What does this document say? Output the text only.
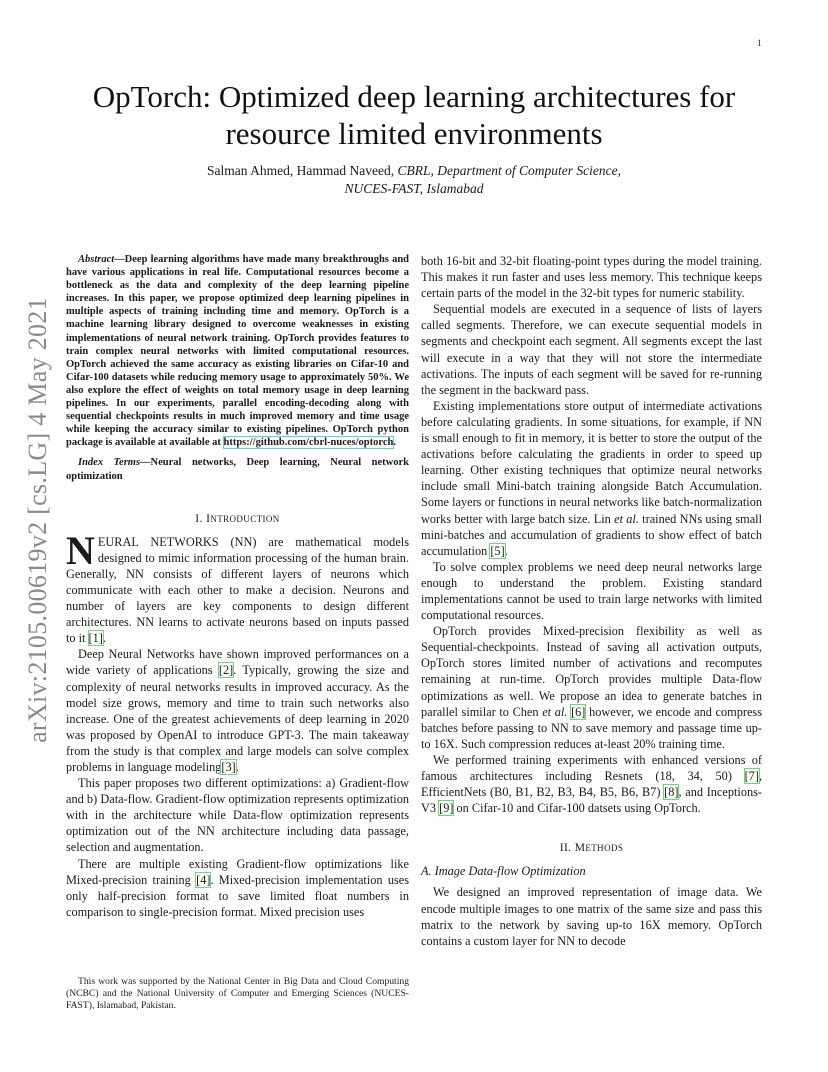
1
arXiv:2105.00619v2 [cs.LG] 4 May 2021
OpTorch: Optimized deep learning architectures for
resource limited environments
Salman Ahmed, Hammad Naveed, CBRL, Department of Computer Science,
NUCES-FAST, Islamabad
Abstract—Deep learning algorithms have made many breakthroughs and have various applications in real life. Computational resources become a bottleneck as the data and complexity of the deep learning pipeline increases. In this paper, we propose optimized deep learning pipelines in multiple aspects of training including time and memory. OpTorch is a machine learning library designed to overcome weaknesses in existing implementations of neural network training. OpTorch provides features to train complex neural networks with limited computational resources. OpTorch achieved the same accuracy as existing libraries on Cifar-10 and Cifar-100 datasets while reducing memory usage to approximately 50%. We also explore the effect of weights on total memory usage in deep learning pipelines. In our experiments, parallel encoding-decoding along with sequential checkpoints results in much improved memory and time usage while keeping the accuracy similar to existing pipelines. OpTorch python package is available at available at https://github.com/cbrl-nuces/optorch.
Index Terms—Neural networks, Deep learning, Neural network optimization
I. INTRODUCTION

NEURAL NETWORKS (NN) are mathematical models designed to mimic information processing of the human brain. Generally, NN consists of different layers of neurons which communicate with each other to make a decision. Neurons and number of layers are key components to design different architectures. NN learns to activate neurons based on inputs passed to it [1].

Deep Neural Networks have shown improved performances on a wide variety of applications [2]. Typically, growing the size and complexity of neural networks results in improved accuracy. As the model size grows, memory and time to train such networks also increase. One of the greatest achievements of deep learning in 2020 was proposed by OpenAI to introduce GPT-3. The main takeaway from the study is that complex and large models can solve complex problems in language modeling[3].

This paper proposes two different optimizations: a) Gradient-flow and b) Data-flow. Gradient-flow optimization represents optimization with in the architecture while Data-flow optimization represents optimization out of the NN architecture including data passage, selection and augmentation.

There are multiple existing Gradient-flow optimizations like Mixed-precision training [4]. Mixed-precision implementation uses only half-precision format to save limited float numbers in comparison to single-precision format. Mixed precision uses

This work was supported by the National Center in Big Data and Cloud Computing (NCBC) and the National University of Computer and Emerging Sciences (NUCES-FAST), Islamabad, Pakistan.

both 16-bit and 32-bit floating-point types during the model training. This makes it run faster and uses less memory. This technique keeps certain parts of the model in the 32-bit types for numeric stability.

Sequential models are executed in a sequence of lists of layers called segments. Therefore, we can execute sequential models in segments and checkpoint each segment. All segments except the last will execute in a way that they will not store the intermediate activations. The inputs of each segment will be saved for re-running the segment in the backward pass.

Existing implementations store output of intermediate activations before calculating gradients. In some situations, for example, if NN is small enough to fit in memory, it is better to store the output of the activations before calculating the gradients in order to speed up learning. Other existing techniques that optimize neural networks include small Mini-batch training alongside Batch Accumulation. Some layers or functions in neural networks like batch-normalization works better with large batch size. Lin et al. trained NNs using small mini-batches and accumulation of gradients to show effect of batch accumulation [5].

To solve complex problems we need deep neural networks large enough to understand the problem. Existing standard implementations cannot be used to train large networks with limited computational resources.

OpTorch provides Mixed-precision flexibility as well as Sequential-checkpoints. Instead of saving all activation outputs, OpTorch stores limited number of activations and recomputes remaining at run-time. OpTorch provides multiple Data-flow optimizations as well. We propose an idea to generate batches in parallel similar to Chen et al. [6] however, we encode and compress batches before passing to NN to save memory and passage time up-to 16X. Such compression reduces at-least 20% training time.

We performed training experiments with enhanced versions of famous architectures including Resnets (18, 34, 50) [7], EfficientNets (B0, B1, B2, B3, B4, B5, B6, B7) [8], and Inceptions-V3 [9] on Cifar-10 and Cifar-100 datsets using OpTorch.

II. METHODS
A. Image Data-flow Optimization

We designed an improved representation of image data. We encode multiple images to one matrix of the same size and pass this matrix to the network by saving up-to 16X memory. OpTorch contains a custom layer for NN to decode
